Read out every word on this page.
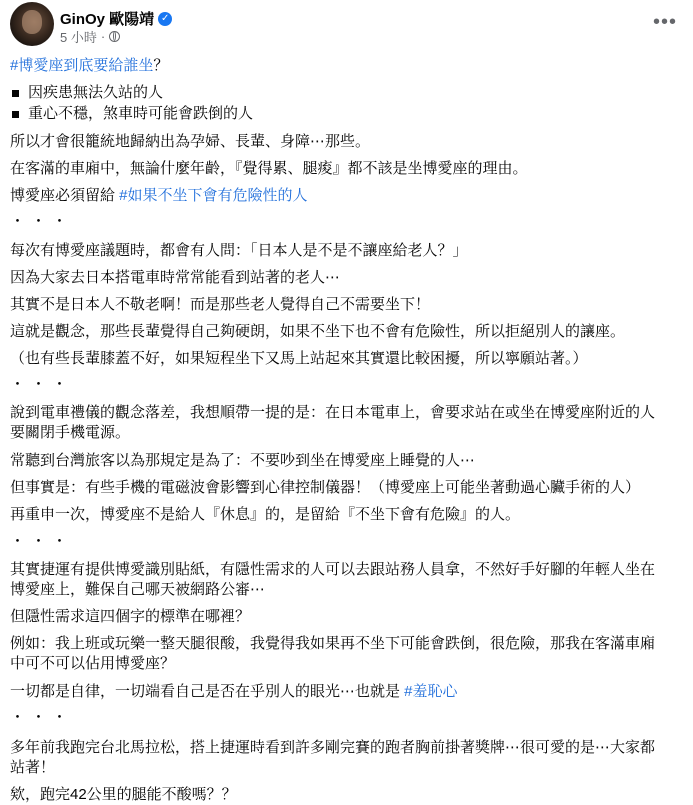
GinOy 歐陽靖 ✓
5 小時 ·
•••

#博愛座到底要給誰坐？

因疾患無法久站的人

重心不穩，煞車時可能會跌倒的人

所以才會很籠統地歸納出為孕婦、長輩、身障⋯那些。

在客滿的車廂中，無論什麼年齡，『覺得累、腿痠』都不該是坐博愛座的理由。

博愛座必須留給 #如果不坐下會有危險性的人

・・・

每次有博愛座議題時，都會有人問：「日本人是不是不讓座給老人？」

因為大家去日本搭電車時常常能看到站著的老人⋯

其實不是日本人不敬老啊！而是那些老人覺得自己不需要坐下！

這就是觀念，那些長輩覺得自己夠硬朗，如果不坐下也不會有危險性，所以拒絕別人的讓座。

（也有些長輩膝蓋不好，如果短程坐下又馬上站起來其實還比較困擾，所以寧願站著。）

・・・

說到電車禮儀的觀念落差，我想順帶一提的是：在日本電車上，會要求站在或坐在博愛座附近的人

要關閉手機電源。

常聽到台灣旅客以為那規定是為了：不要吵到坐在博愛座上睡覺的人⋯

但事實是：有些手機的電磁波會影響到心律控制儀器！（博愛座上可能坐著動過心臟手術的人）

再重申一次，博愛座不是給人『休息』的，是留給『不坐下會有危險』的人。

・・・

其實捷運有提供博愛識別貼紙，有隱性需求的人可以去跟站務人員拿，不然好手好腳的年輕人坐在

博愛座上，難保自己哪天被網路公審⋯

但隱性需求這四個字的標準在哪裡？

例如：我上班或玩樂一整天腿很酸，我覺得我如果再不坐下可能會跌倒，很危險，那我在客滿車廂

中可不可以佔用博愛座？

一切都是自律，一切端看自己是否在乎別人的眼光⋯也就是 #羞恥心

・・・

多年前我跑完台北馬拉松，搭上捷運時看到許多剛完賽的跑者胸前掛著獎牌⋯很可愛的是⋯大家都

站著！

欸，跑完42公里的腿能不酸嗎？？
